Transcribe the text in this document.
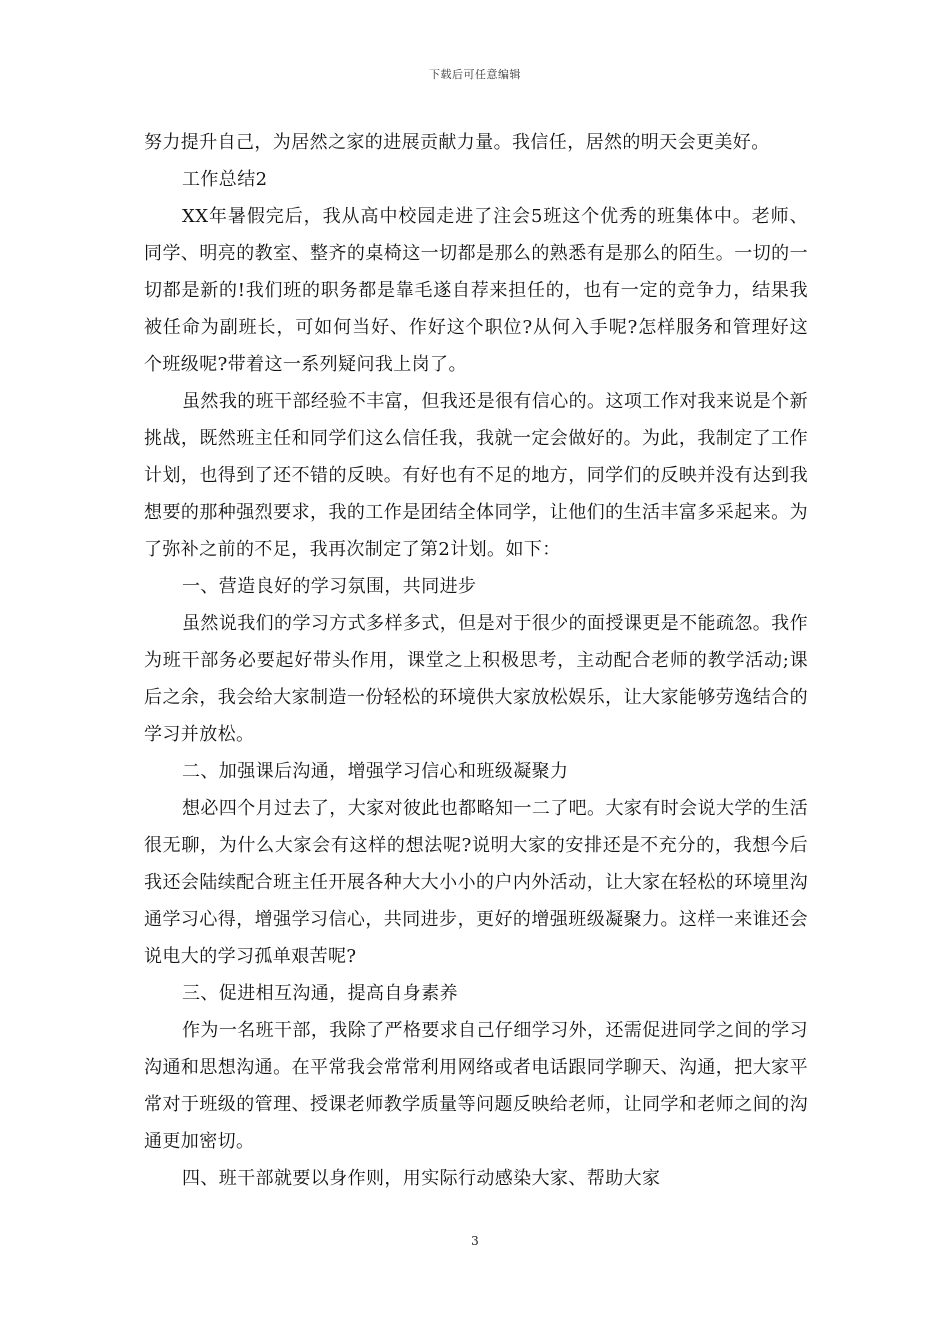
下载后可任意编辑

努力提升自己，为居然之家的进展贡献力量。我信任，居然的明天会更美好。

工作总结2

XX年暑假完后，我从高中校园走进了注会5班这个优秀的班集体中。老师、同学、明亮的教室、整齐的桌椅这一切都是那么的熟悉有是那么的陌生。一切的一切都是新的!我们班的职务都是靠毛遂自荐来担任的，也有一定的竞争力，结果我被任命为副班长，可如何当好、作好这个职位?从何入手呢?怎样服务和管理好这个班级呢?带着这一系列疑问我上岗了。

虽然我的班干部经验不丰富，但我还是很有信心的。这项工作对我来说是个新挑战，既然班主任和同学们这么信任我，我就一定会做好的。为此，我制定了工作计划，也得到了还不错的反映。有好也有不足的地方，同学们的反映并没有达到我想要的那种强烈要求，我的工作是团结全体同学，让他们的生活丰富多采起来。为了弥补之前的不足，我再次制定了第2计划。如下：

一、营造良好的学习氛围，共同进步

虽然说我们的学习方式多样多式，但是对于很少的面授课更是不能疏忽。我作为班干部务必要起好带头作用，课堂之上积极思考，主动配合老师的教学活动;课后之余，我会给大家制造一份轻松的环境供大家放松娱乐，让大家能够劳逸结合的学习并放松。

二、加强课后沟通，增强学习信心和班级凝聚力

想必四个月过去了，大家对彼此也都略知一二了吧。大家有时会说大学的生活很无聊，为什么大家会有这样的想法呢?说明大家的安排还是不充分的，我想今后我还会陆续配合班主任开展各种大大小小的户内外活动，让大家在轻松的环境里沟通学习心得，增强学习信心，共同进步，更好的增强班级凝聚力。这样一来谁还会说电大的学习孤单艰苦呢?

三、促进相互沟通，提高自身素养

作为一名班干部，我除了严格要求自己仔细学习外，还需促进同学之间的学习沟通和思想沟通。在平常我会常常利用网络或者电话跟同学聊天、沟通，把大家平常对于班级的管理、授课老师教学质量等问题反映给老师，让同学和老师之间的沟通更加密切。

四、班干部就要以身作则，用实际行动感染大家、帮助大家

3
